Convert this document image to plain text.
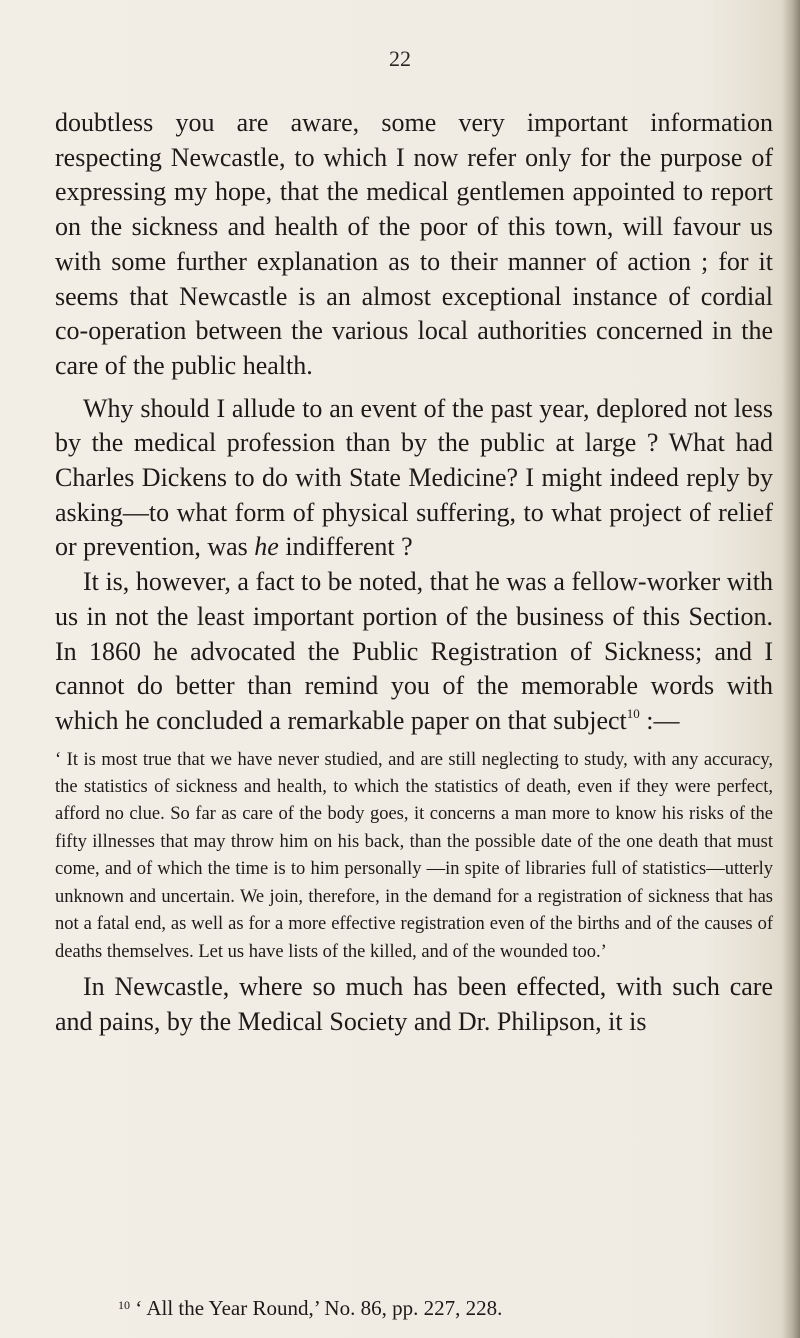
22

doubtless you are aware, some very important information respecting Newcastle, to which I now refer only for the purpose of expressing my hope, that the medical gentlemen appointed to report on the sickness and health of the poor of this town, will favour us with some further explanation as to their manner of action ; for it seems that Newcastle is an almost exceptional instance of cordial co-operation between the various local authorities concerned in the care of the public health.

Why should I allude to an event of the past year, deplored not less by the medical profession than by the public at large ? What had Charles Dickens to do with State Medicine? I might indeed reply by asking—to what form of physical suffering, to what project of relief or prevention, was he indifferent ?

It is, however, a fact to be noted, that he was a fellow-worker with us in not the least important portion of the business of this Section. In 1860 he advocated the Public Registration of Sickness; and I cannot do better than remind you of the memorable words with which he concluded a remarkable paper on that subject$^{10}$ :—

‘ It is most true that we have never studied, and are still neglecting to study, with any accuracy, the statistics of sickness and health, to which the statistics of death, even if they were perfect, afford no clue. So far as care of the body goes, it concerns a man more to know his risks of the fifty illnesses that may throw him on his back, than the possible date of the one death that must come, and of which the time is to him personally —in spite of libraries full of statistics—utterly unknown and uncertain. We join, therefore, in the demand for a registration of sickness that has not a fatal end, as well as for a more effective registration even of the births and of the causes of deaths themselves. Let us have lists of the killed, and of the wounded too.’

In Newcastle, where so much has been effected, with such care and pains, by the Medical Society and Dr. Philipson, it is

$^{10}$ ‘ All the Year Round,’ No. 86, pp. 227, 228.
